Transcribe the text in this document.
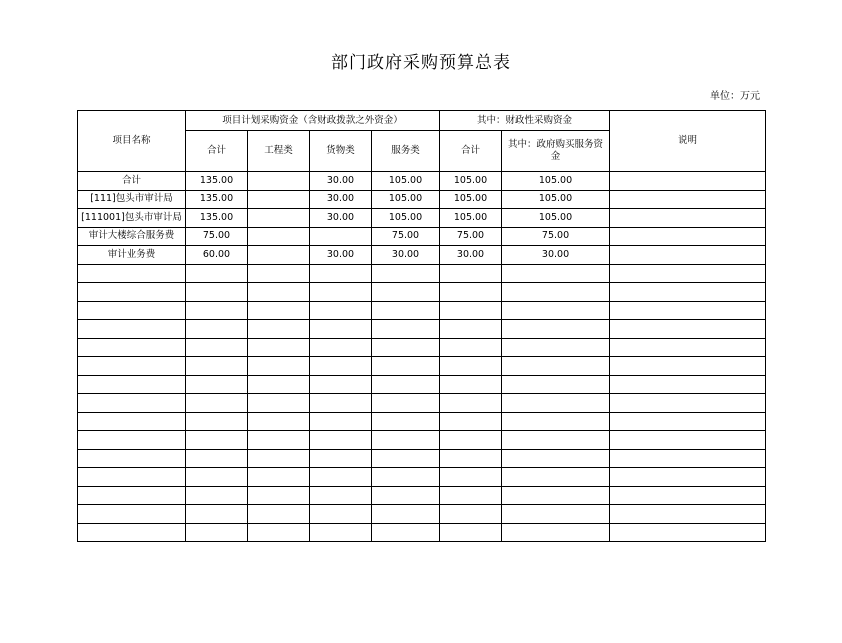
部门政府采购预算总表
单位：万元
项目名称	项目计划采购资金（含财政拨款之外资金）				其中：财政性采购资金		说明
	合计	工程类	货物类	服务类	合计	其中：政府购买服务资金	
合计	135.00		30.00	105.00	105.00	105.00	
[111]包头市审计局	135.00		30.00	105.00	105.00	105.00	
[111001]包头市审计局	135.00		30.00	105.00	105.00	105.00	
审计大楼综合服务费	75.00			75.00	75.00	75.00	
审计业务费	60.00		30.00	30.00	30.00	30.00	
